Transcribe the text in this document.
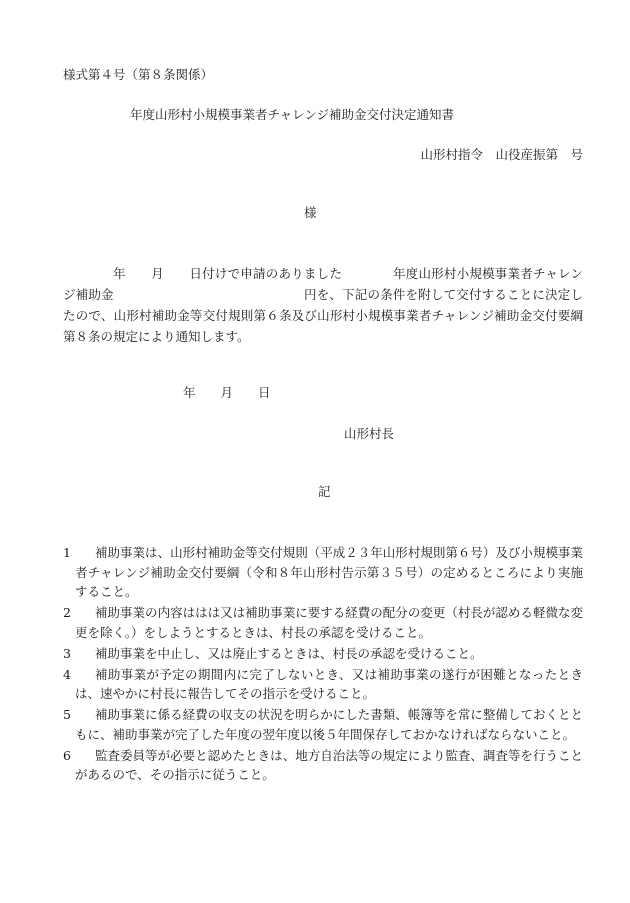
様式第４号（第８条関係）
年度山形村小規模事業者チャレンジ補助金交付決定通知書
山形村指令　山役産振第　号
様
年　　月　　日付けで申請のありました　　　　年度山形村小規模事業者チャレンジ補助金　　　　　　　　　　　　　　　円を、下記の条件を附して交付することに決定したので、山形村補助金等交付規則第６条及び山形村小規模事業者チャレンジ補助金交付要綱第８条の規定により通知します。
年　　月　　日
山形村長
記
1	補助事業は、山形村補助金等交付規則（平成２３年山形村規則第６号）及び小規模事業者チャレンジ補助金交付要綱（令和８年山形村告示第３５号）の定めるところにより実施すること。
2	補助事業の内容ははは又は補助事業に要する経費の配分の変更（村長が認める軽微な変更を除く。）をしようとするときは、村長の承認を受けること。
3	補助事業を中止し、又は廃止するときは、村長の承認を受けること。
4	補助事業が予定の期間内に完了しないとき、又は補助事業の遂行が困難となったときは、速やかに村長に報告してその指示を受けること。
5	補助事業に係る経費の収支の状況を明らかにした書類、帳簿等を常に整備しておくとともに、補助事業が完了した年度の翌年度以後５年間保存しておかなければならないこと。
6	監査委員等が必要と認めたときは、地方自治法等の規定により監査、調査等を行うことがあるので、その指示に従うこと。
